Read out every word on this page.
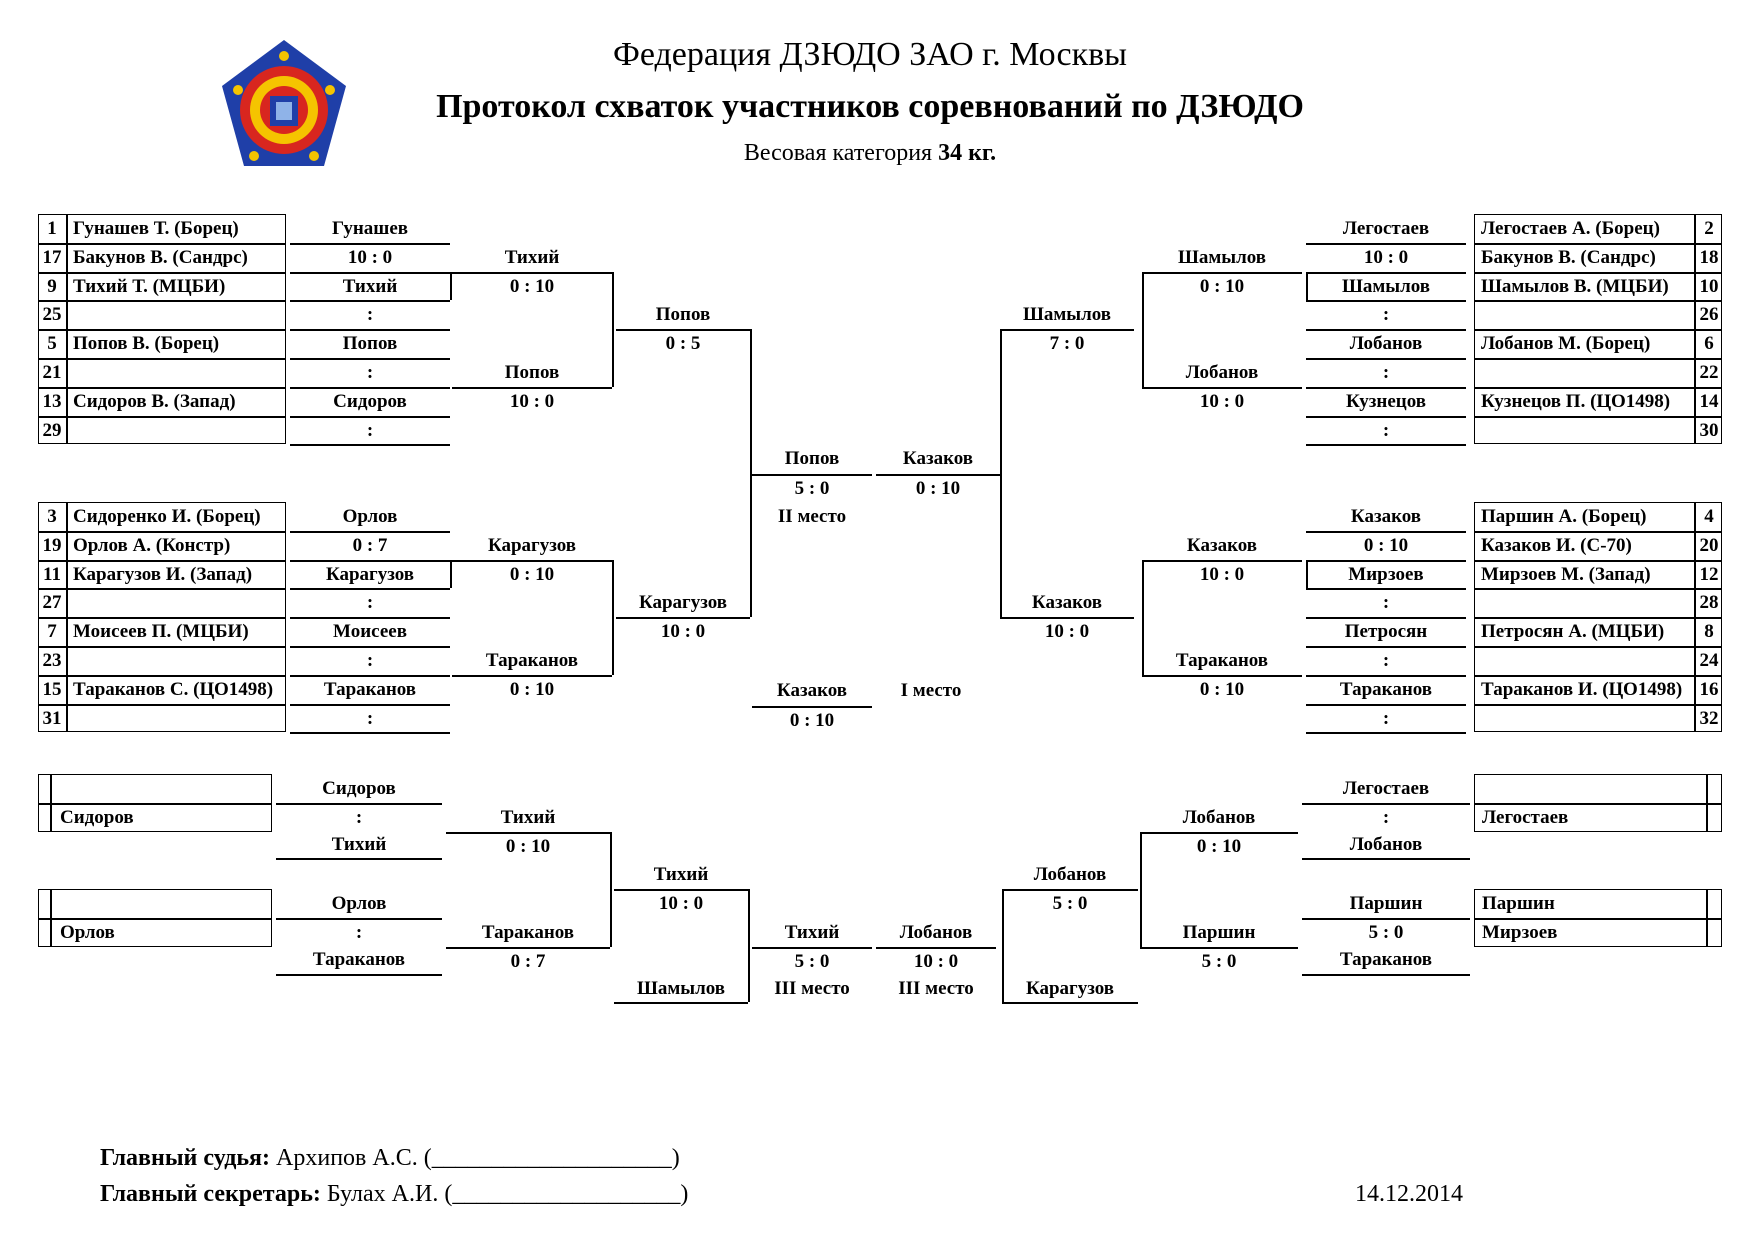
Федерация ДЗЮДО ЗАО г. Москвы
Протокол схваток участников соревнований по ДЗЮДО
Весовая категория 34 кг.
1 Гунашев Т. (Борец)
17 Бакунов В. (Сандрс)
9 Тихий Т. (МЦБИ)
25
5 Попов В. (Борец)
21
13 Сидоров В. (Запад)
29
Гунашев
10 : 0
Тихий
:
Попов
:
Сидоров
:
Тихий
0 : 10
Попов
10 : 0
Попов
0 : 5
3 Сидоренко И. (Борец)
19 Орлов А. (Констр)
11 Карагузов И. (Запад)
27
7 Моисеев П. (МЦБИ)
23
15 Тараканов С. (ЦО1498)
31
Орлов
0 : 7
Карагузов
:
Моисеев
:
Тараканов
:
Карагузов
0 : 10
Тараканов
0 : 10
Карагузов
10 : 0
2
Легостаев А. (Борец)
18
Бакунов В. (Сандрс)
10
Шамылов В. (МЦБИ)
26
6
Лобанов М. (Борец)
22
14
Кузнецов П. (ЦО1498)
30
Легостаев
10 : 0
Шамылов
:
Лобанов
:
Кузнецов
:
Шамылов
0 : 10
Лобанов
10 : 0
Шамылов
7 : 0
4
Паршин А. (Борец)
20
Казаков И. (С-70)
12
Мирзоев М. (Запад)
28
8
Петросян А. (МЦБИ)
24
16
Тараканов И. (ЦО1498)
32
Казаков
0 : 10
Мирзоев
:
Петросян
:
Тараканов
:
Казаков
10 : 0
Тараканов
0 : 10
Казаков
10 : 0
Попов
5 : 0
II место
Казаков
0 : 10
Казаков
0 : 10
I место
Сидоров
Орлов
Сидоров
:
Тихий
Орлов
:
Тараканов
Тихий
0 : 10
Тараканов
0 : 7
Тихий
10 : 0
Шамылов
Тихий
5 : 0
III место
Легостаев
Паршин
Мирзоев
Легостаев
:
Лобанов
Паршин
5 : 0
Тараканов
Лобанов
0 : 10
Паршин
5 : 0
Лобанов
5 : 0
Карагузов
Лобанов
10 : 0
III место
Главный судья: Архипов А.С. (____________________)
Главный секретарь: Булах А.И. (___________________)	14.12.2014
